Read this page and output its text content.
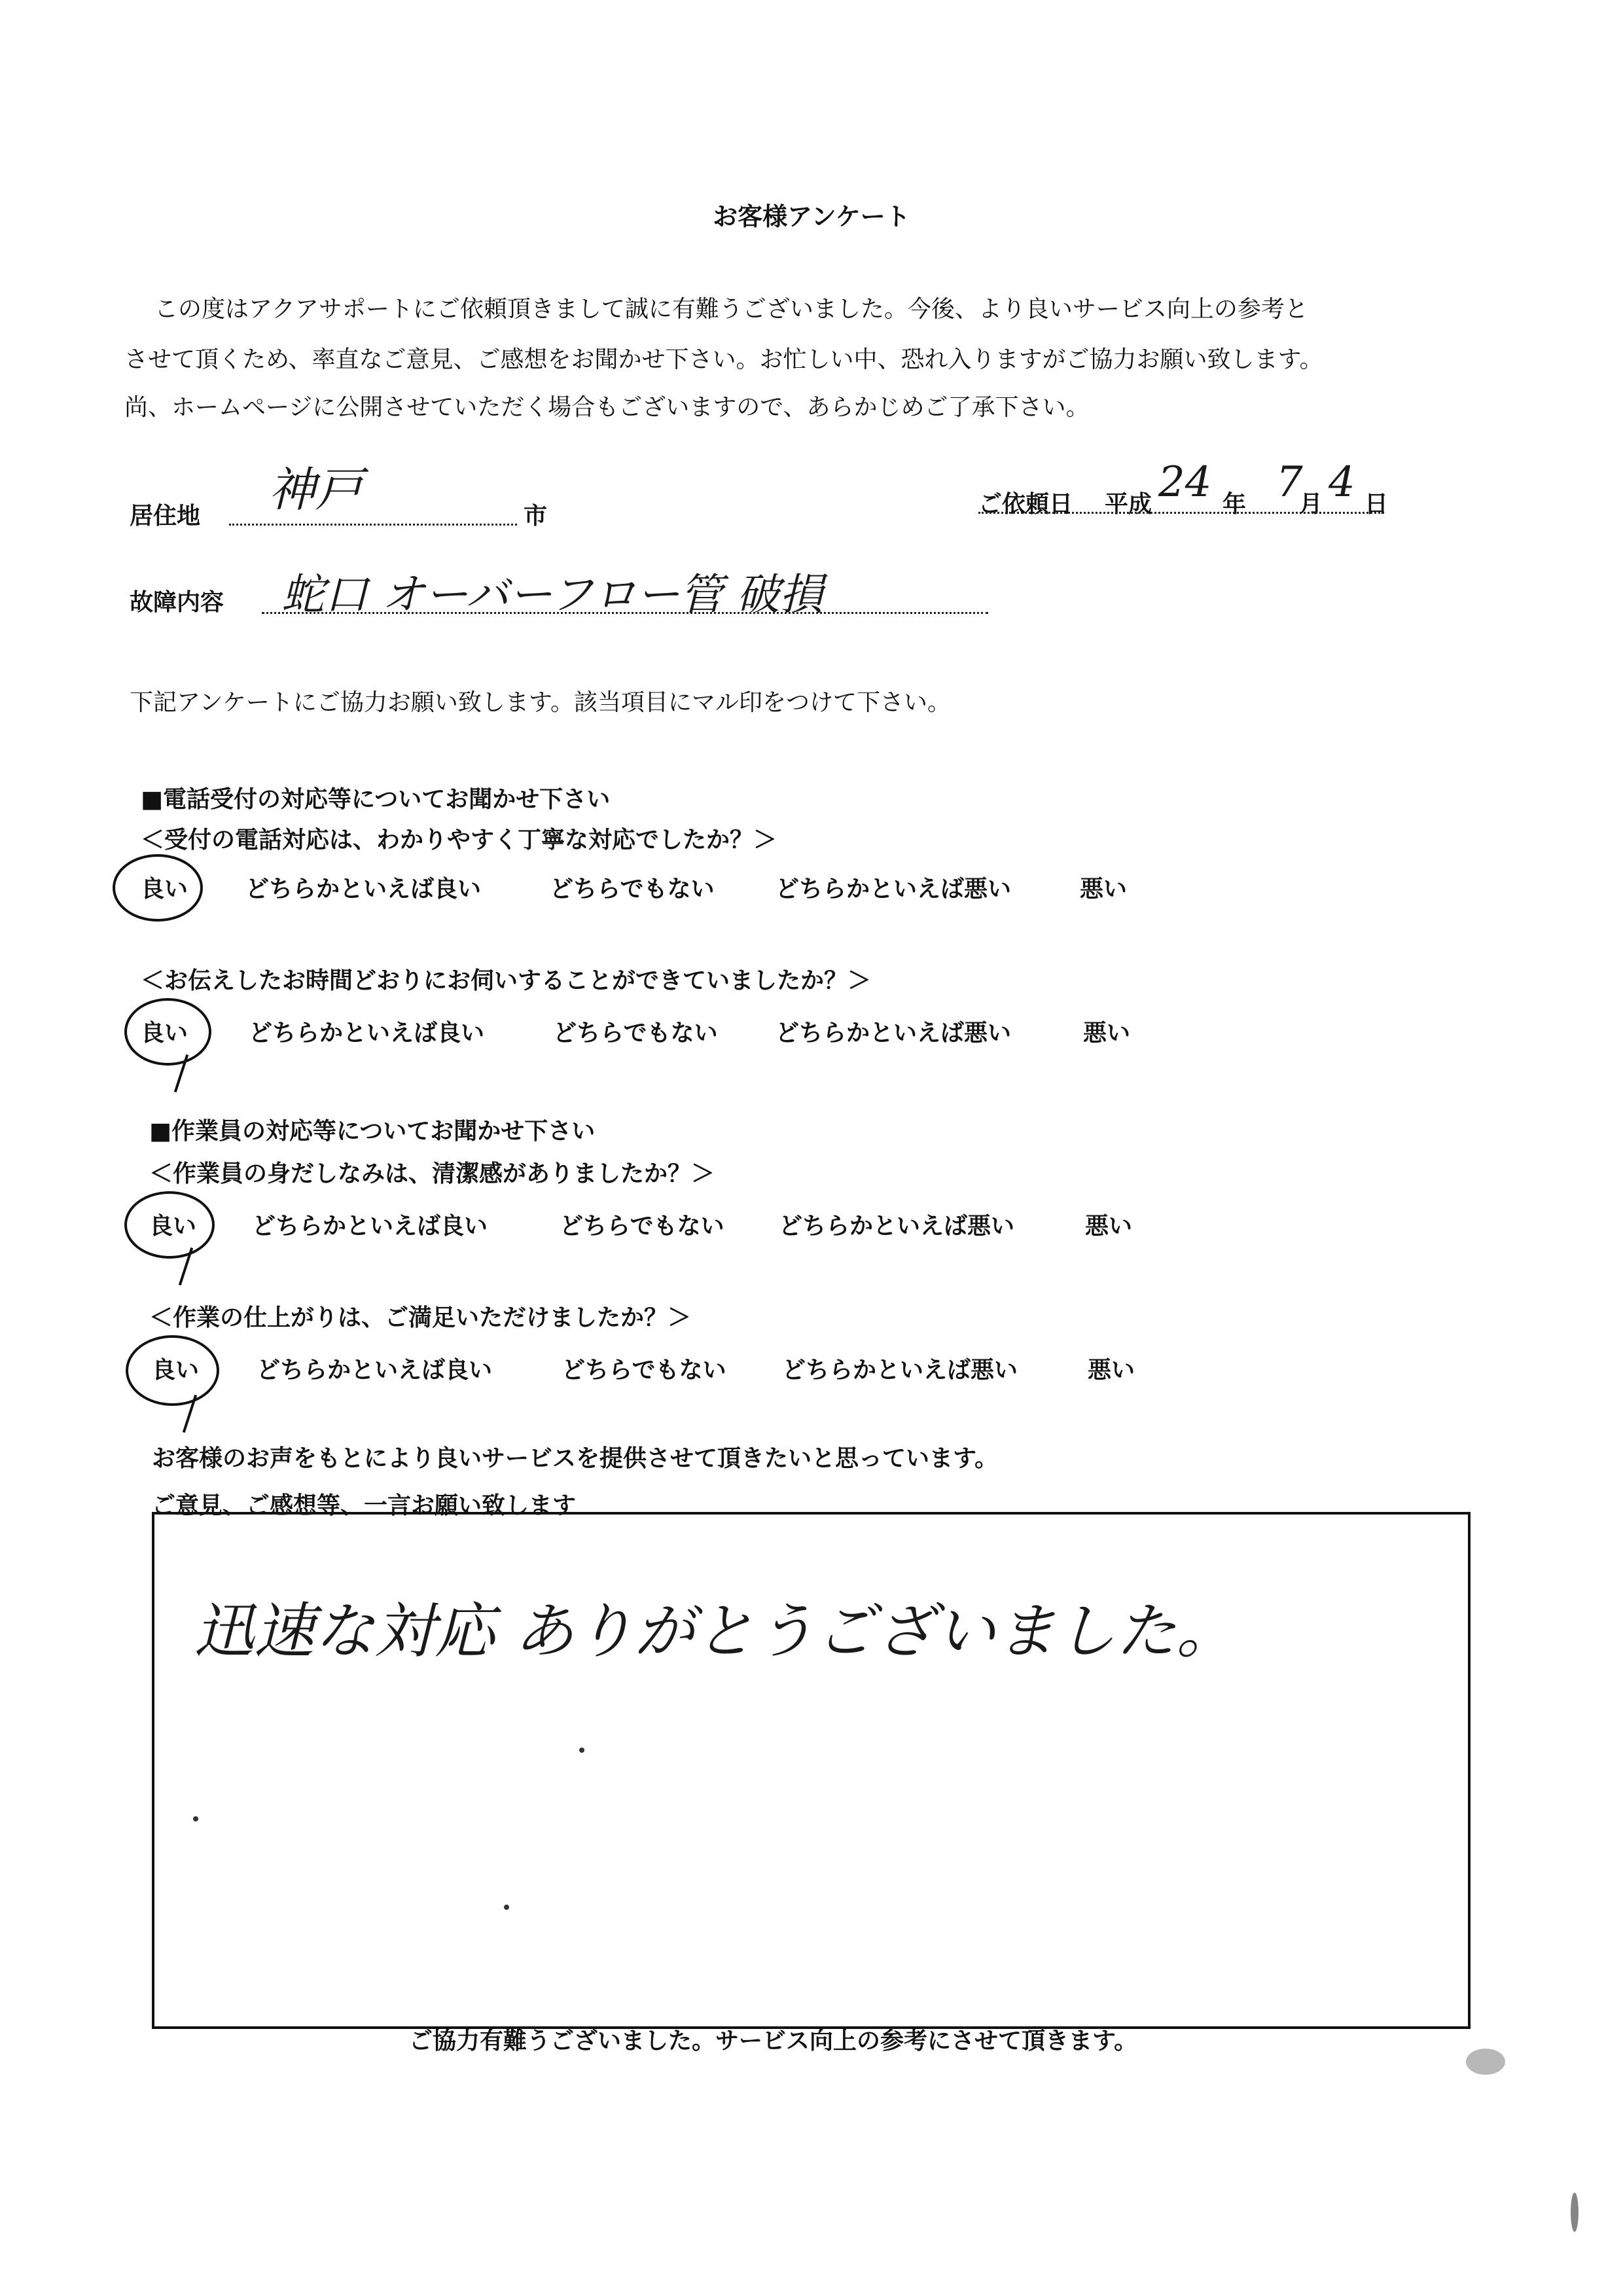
お客様アンケート
この度はアクアサポートにご依頼頂きまして誠に有難うございました。今後、より良いサービス向上の参考と
させて頂くため、率直なご意見、ご感想をお聞かせ下さい。お忙しい中、恐れ入りますがご協力お願い致します。
尚、ホームページに公開させていただく場合もございますので、あらかじめご了承下さい。
居住地 神戸	市	ご依頼日 平成 24 年 7
月 4 日
故障内容 蛇口 オーバーフロー管 破損
下記アンケートにご協力お願い致します。該当項目にマル印をつけて下さい。
■電話受付の対応等についてお聞かせ下さい
＜受付の電話対応は、わかりやすく丁寧な対応でしたか？＞
良い どちらかといえば良い	どちらでもない	どちらかといえば悪い	悪い
＜お伝えしたお時間どおりにお伺いすることができていましたか？＞
良い	どちらかといえば良い	どちらでもない どちらかといえば悪い	悪い
■作業員の対応等についてお聞かせ下さい
＜作業員の身だしなみは、清潔感がありましたか？＞
良い どちらかといえば良い	どちらでもない どちらかといえば悪い	悪い
＜作業の仕上がりは、ご満足いただけましたか？＞
良い どちらかといえば良い	どちらでもない どちらかといえば悪い	悪い
お客様のお声をもとにより良いサービスを提供させて頂きたいと思っています。
ご意見、ご感想等、一言お願い致します
迅速な対応 ありがとうございました。
ご協力有難うございました。サービス向上の参考にさせて頂きます。
